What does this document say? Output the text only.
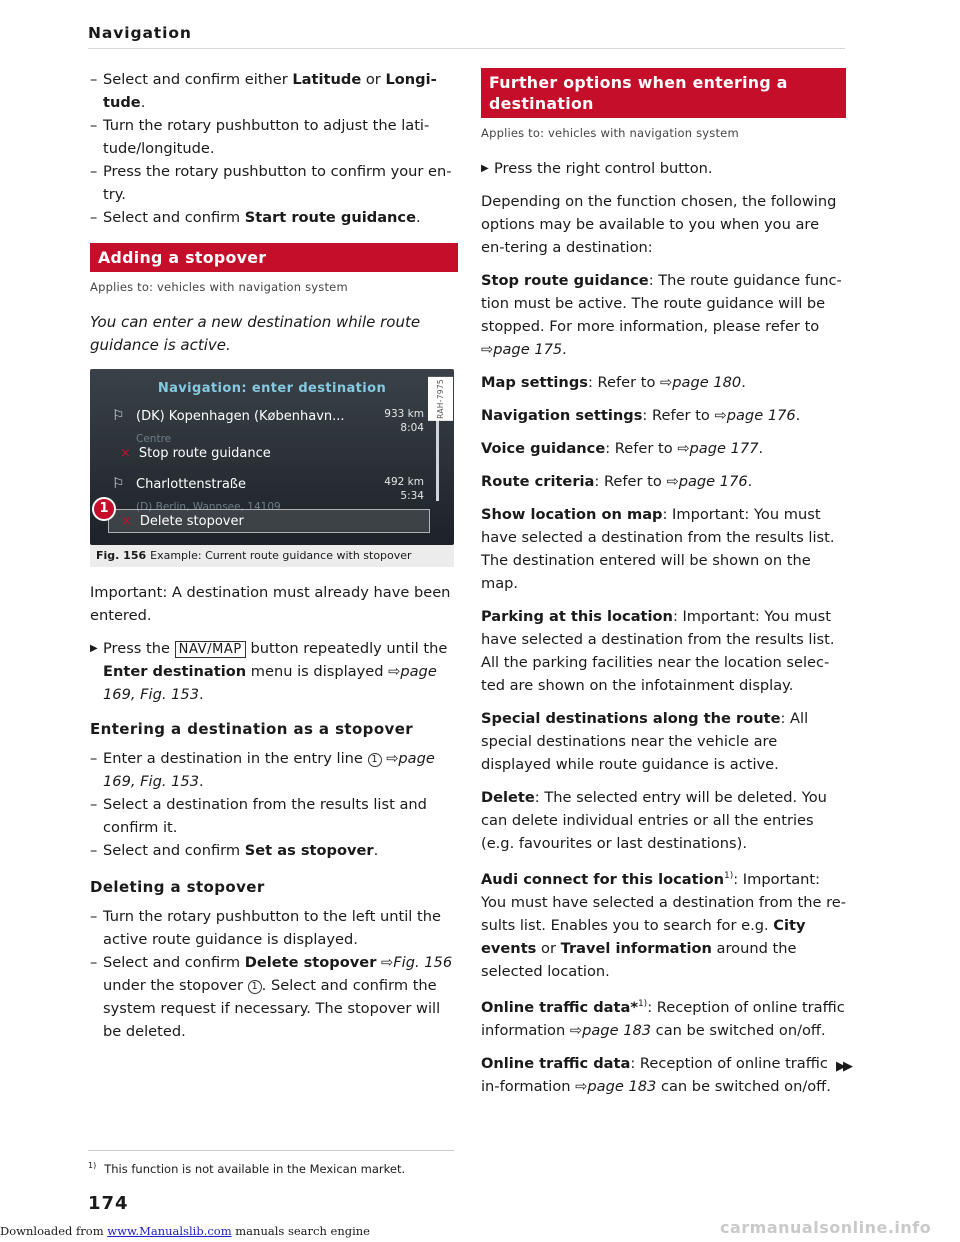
Navigation
– Select and confirm either Latitude or Longi-tude.
– Turn the rotary pushbutton to adjust the lati-tude/longitude.
– Press the rotary pushbutton to confirm your en-try.
– Select and confirm Start route guidance.
Adding a stopover
Applies to: vehicles with navigation system
You can enter a new destination while route guidance is active.
Navigation: enter destination
⚐ (DK) Kopenhagen (København...
Centre
933 km
8:04
× Stop route guidance
⚐ Charlottenstraße
(D) Berlin, Wannsee, 14109
492 km
5:34
× Delete stopover
1
RAH-7975
Fig. 156 Example: Current route guidance with stopover
Important: A destination must already have been entered.
▶ Press the NAV/MAP button repeatedly until the Enter destination menu is displayed ⇨page 169, Fig. 153.
Entering a destination as a stopover
– Enter a destination in the entry line 1 ⇨page 169, Fig. 153.
– Select a destination from the results list and confirm it.
– Select and confirm Set as stopover.
Deleting a stopover
– Turn the rotary pushbutton to the left until the active route guidance is displayed.
– Select and confirm Delete stopover ⇨Fig. 156 under the stopover 1 . Select and confirm the system request if necessary. The stopover will be deleted.
Further options when entering a destination
Applies to: vehicles with navigation system
▶ Press the right control button.
Depending on the function chosen, the following options may be available to you when you are en-tering a destination:
Stop route guidance: The route guidance func-tion must be active. The route guidance will be stopped. For more information, please refer to ⇨page 175.
Map settings: Refer to ⇨page 180.
Navigation settings: Refer to ⇨page 176.
Voice guidance: Refer to ⇨page 177.
Route criteria: Refer to ⇨page 176.
Show location on map: Important: You must have selected a destination from the results list. The destination entered will be shown on the map.
Parking at this location: Important: You must have selected a destination from the results list. All the parking facilities near the location selec-ted are shown on the infotainment display.
Special destinations along the route: All special destinations near the vehicle are displayed while route guidance is active.
Delete: The selected entry will be deleted. You can delete individual entries or all the entries (e.g. favourites or last destinations).
Audi connect for this location$^{1)}$: Important: You must have selected a destination from the re-sults list. Enables you to search for e.g. City events or Travel information around the selected location.
Online traffic data*$^{1)}$: Reception of online traffic information ⇨page 183 can be switched on/off.
Online traffic data: Reception of online traffic in-formation ⇨page 183 can be switched on/off.
▶▶
$^{1)}$ This function is not available in the Mexican market.
174
Downloaded from www.Manualslib.com manuals search engine	carmanualsonline.info
